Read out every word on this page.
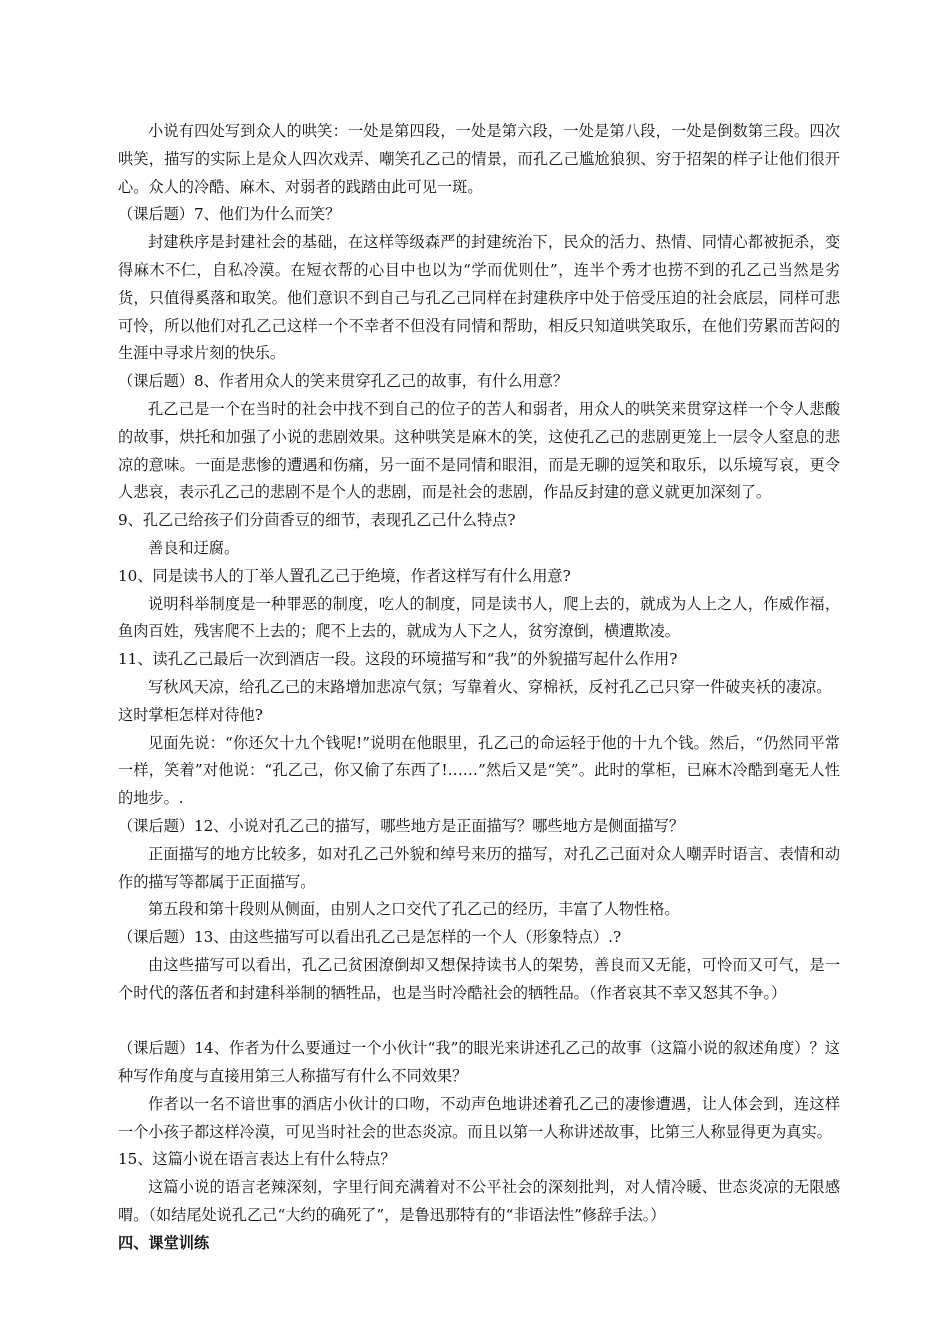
小说有四处写到众人的哄笑：一处是第四段，一处是第六段，一处是第八段，一处是倒数第三段。四次哄笑，描写的实际上是众人四次戏弄、嘲笑孔乙己的情景，而孔乙己尴尬狼狈、穷于招架的样子让他们很开心。众人的冷酷、麻木、对弱者的践踏由此可见一斑。

（课后题）7、他们为什么而笑？

封建秩序是封建社会的基础，在这样等级森严的封建统治下，民众的活力、热情、同情心都被扼杀，变得麻木不仁，自私冷漠。在短衣帮的心目中也以为“学而优则仕”，连半个秀才也捞不到的孔乙己当然是劣货，只值得奚落和取笑。他们意识不到自己与孔乙己同样在封建秩序中处于倍受压迫的社会底层，同样可悲可怜，所以他们对孔乙己这样一个不幸者不但没有同情和帮助，相反只知道哄笑取乐，在他们劳累而苦闷的生涯中寻求片刻的快乐。

（课后题）8、作者用众人的笑来贯穿孔乙己的故事，有什么用意？

孔乙己是一个在当时的社会中找不到自己的位子的苦人和弱者，用众人的哄笑来贯穿这样一个令人悲酸的故事，烘托和加强了小说的悲剧效果。这种哄笑是麻木的笑，这使孔乙己的悲剧更笼上一层令人窒息的悲凉的意味。一面是悲惨的遭遇和伤痛，另一面不是同情和眼泪，而是无聊的逗笑和取乐，以乐境写哀，更令人悲哀，表示孔乙己的悲剧不是个人的悲剧，而是社会的悲剧，作品反封建的意义就更加深刻了。

9、孔乙己给孩子们分茴香豆的细节，表现孔乙己什么特点?

善良和迂腐。

10、同是读书人的丁举人置孔乙己于绝境，作者这样写有什么用意?

说明科举制度是一种罪恶的制度，吃人的制度，同是读书人，爬上去的，就成为人上之人，作威作福，鱼肉百姓，残害爬不上去的；爬不上去的，就成为人下之人，贫穷潦倒，横遭欺凌。

11、读孔乙己最后一次到酒店一段。这段的环境描写和“我”的外貌描写起什么作用?

写秋风天凉，给孔乙己的末路增加悲凉气氛；写靠着火、穿棉袄，反衬孔乙己只穿一件破夹袄的凄凉。

这时掌柜怎样对待他?

见面先说：“你还欠十九个钱呢!”说明在他眼里，孔乙己的命运轻于他的十九个钱。然后，“仍然同平常一样，笑着”对他说：“孔乙己，你又偷了东西了!……”然后又是“笑”。此时的掌柜，已麻木冷酷到毫无人性的地步。.

（课后题）12、小说对孔乙己的描写，哪些地方是正面描写？哪些地方是侧面描写？

正面描写的地方比较多，如对孔乙己外貌和绰号来历的描写，对孔乙己面对众人嘲弄时语言、表情和动作的描写等都属于正面描写。

第五段和第十段则从侧面，由别人之口交代了孔乙己的经历，丰富了人物性格。

（课后题）13、由这些描写可以看出孔乙己是怎样的一个人（形象特点）.?

由这些描写可以看出，孔乙己贫困潦倒却又想保持读书人的架势，善良而又无能，可怜而又可气，是一个时代的落伍者和封建科举制的牺牲品，也是当时冷酷社会的牺牲品。（作者哀其不幸又怒其不争。）

（课后题）14、作者为什么要通过一个小伙计“我”的眼光来讲述孔乙己的故事（这篇小说的叙述角度）？这种写作角度与直接用第三人称描写有什么不同效果？

作者以一名不谙世事的酒店小伙计的口吻，不动声色地讲述着孔乙己的凄惨遭遇，让人体会到，连这样一个小孩子都这样冷漠，可见当时社会的世态炎凉。而且以第一人称讲述故事，比第三人称显得更为真实。

15、这篇小说在语言表达上有什么特点？

这篇小说的语言老辣深刻，字里行间充满着对不公平社会的深刻批判，对人情冷暖、世态炎凉的无限感喟。（如结尾处说孔乙己“大约的确死了”，是鲁迅那特有的“非语法性”修辞手法。）

四、课堂训练
